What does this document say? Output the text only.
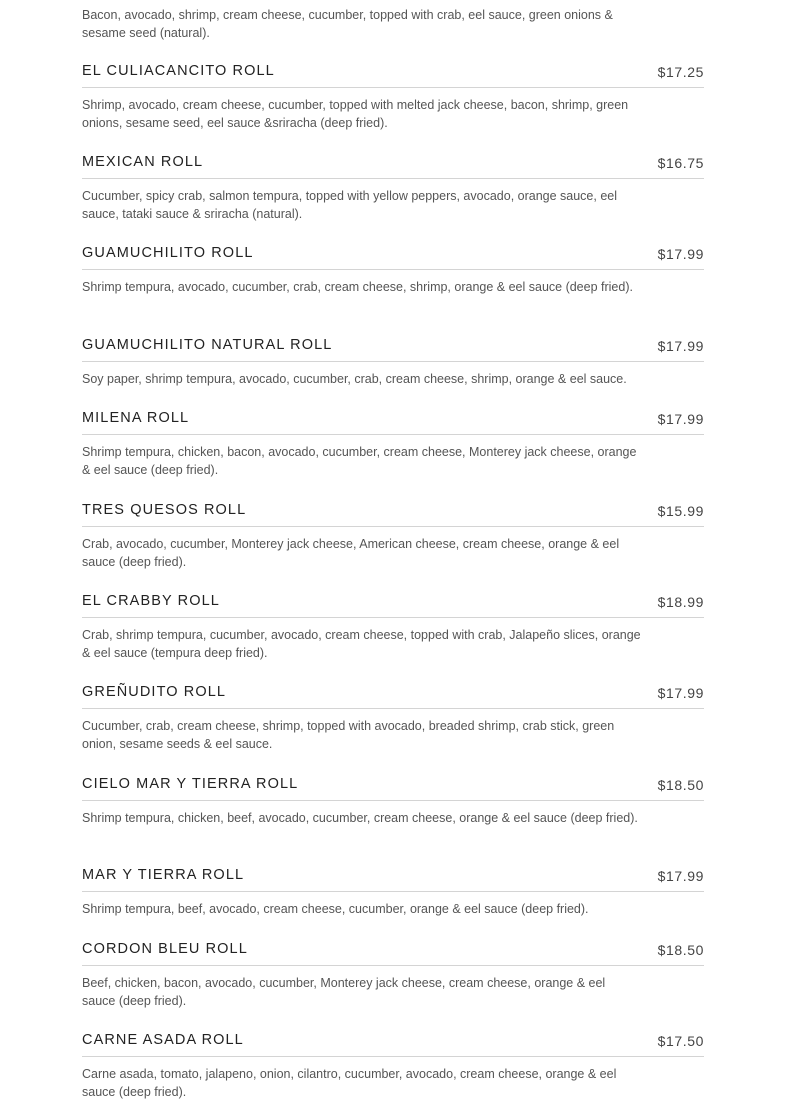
Bacon, avocado, shrimp, cream cheese, cucumber, topped with crab, eel sauce, green onions & sesame seed (natural).
EL CULIACANCITO ROLL	$17.25
Shrimp, avocado, cream cheese, cucumber, topped with melted jack cheese, bacon, shrimp, green onions, sesame seed, eel sauce &sriracha (deep fried).
MEXICAN ROLL	$16.75
Cucumber, spicy crab, salmon tempura, topped with yellow peppers, avocado, orange sauce, eel sauce, tataki sauce & sriracha (natural).
GUAMUCHILITO ROLL	$17.99
Shrimp tempura, avocado, cucumber, crab, cream cheese, shrimp, orange & eel sauce (deep fried).
GUAMUCHILITO NATURAL ROLL	$17.99
Soy paper, shrimp tempura, avocado, cucumber, crab, cream cheese, shrimp, orange & eel sauce.
MILENA ROLL	$17.99
Shrimp tempura, chicken, bacon, avocado, cucumber, cream cheese, Monterey jack cheese, orange & eel sauce (deep fried).
TRES QUESOS ROLL	$15.99
Crab, avocado, cucumber, Monterey jack cheese, American cheese, cream cheese, orange & eel sauce (deep fried).
EL CRABBY ROLL	$18.99
Crab, shrimp tempura, cucumber, avocado, cream cheese, topped with crab, Jalapeño slices, orange & eel sauce (tempura deep fried).
GREÑUDITO ROLL	$17.99
Cucumber, crab, cream cheese, shrimp, topped with avocado, breaded shrimp, crab stick, green onion, sesame seeds & eel sauce.
CIELO MAR Y TIERRA ROLL	$18.50
Shrimp tempura, chicken, beef, avocado, cucumber, cream cheese, orange & eel sauce (deep fried).
MAR Y TIERRA ROLL	$17.99
Shrimp tempura, beef, avocado, cream cheese, cucumber, orange & eel sauce (deep fried).
CORDON BLEU ROLL	$18.50
Beef, chicken, bacon, avocado, cucumber, Monterey jack cheese, cream cheese, orange & eel sauce (deep fried).
CARNE ASADA ROLL	$17.50
Carne asada, tomato, jalapeno, onion, cilantro, cucumber, avocado, cream cheese, orange & eel sauce (deep fried).
